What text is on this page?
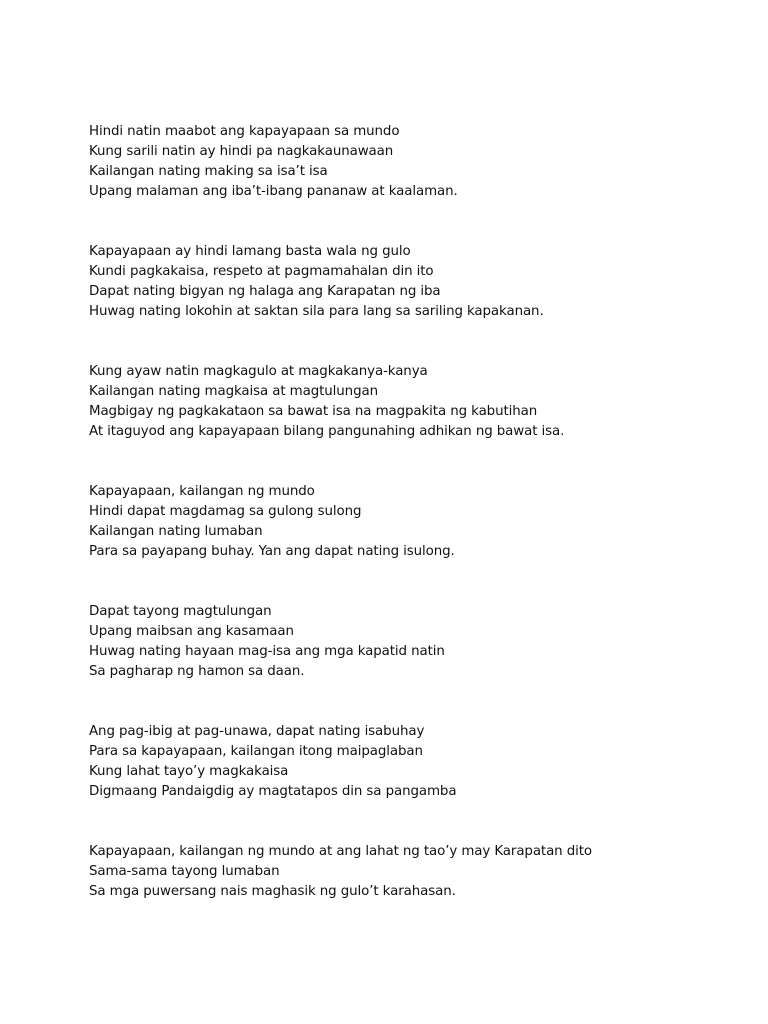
Hindi natin maabot ang kapayapaan sa mundo
Kung sarili natin ay hindi pa nagkakaunawaan
Kailangan nating making sa isa’t isa
Upang malaman ang iba’t-ibang pananaw at kaalaman.
Kapayapaan ay hindi lamang basta wala ng gulo
Kundi pagkakaisa, respeto at pagmamahalan din ito
Dapat nating bigyan ng halaga ang Karapatan ng iba
Huwag nating lokohin at saktan sila para lang sa sariling kapakanan.
Kung ayaw natin magkagulo at magkakanya-kanya
Kailangan nating magkaisa at magtulungan
Magbigay ng pagkakataon sa bawat isa na magpakita ng kabutihan
At itaguyod ang kapayapaan bilang pangunahing adhikan ng bawat isa.
Kapayapaan, kailangan ng mundo
Hindi dapat magdamag sa gulong sulong
Kailangan nating lumaban
Para sa payapang buhay. Yan ang dapat nating isulong.
Dapat tayong magtulungan
Upang maibsan ang kasamaan
Huwag nating hayaan mag-isa ang mga kapatid natin
Sa pagharap ng hamon sa daan.
Ang pag-ibig at pag-unawa, dapat nating isabuhay
Para sa kapayapaan, kailangan itong maipaglaban
Kung lahat tayo’y magkakaisa
Digmaang Pandaigdig ay magtatapos din sa pangamba
Kapayapaan, kailangan ng mundo at ang lahat ng tao’y may Karapatan dito
Sama-sama tayong lumaban
Sa mga puwersang nais maghasik ng gulo’t karahasan.
